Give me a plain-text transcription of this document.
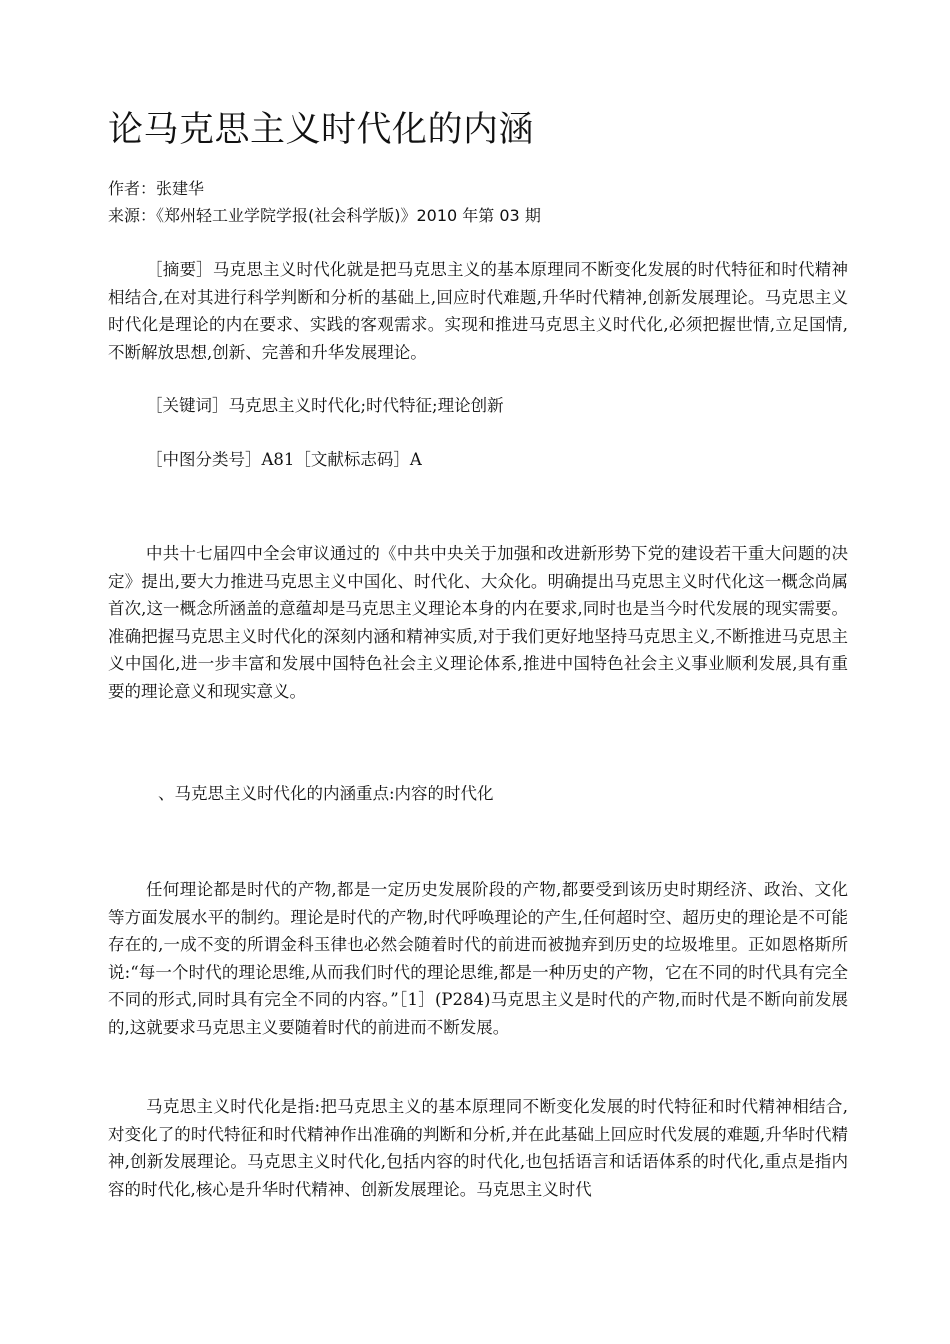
论马克思主义时代化的内涵
作者：张建华
来源：《郑州轻工业学院学报(社会科学版)》2010 年第 03 期

［摘要］马克思主义时代化就是把马克思主义的基本原理同不断变化发展的时代特征和时代精神相结合,在对其进行科学判断和分析的基础上,回应时代难题,升华时代精神,创新发展理论。马克思主义时代化是理论的内在要求、实践的客观需求。实现和推进马克思主义时代化,必须把握世情,立足国情,不断解放思想,创新、完善和升华发展理论。

［关键词］马克思主义时代化;时代特征;理论创新
［中图分类号］A81［文献标志码］A

中共十七届四中全会审议通过的《中共中央关于加强和改进新形势下党的建设若干重大问题的决定》提出,要大力推进马克思主义中国化、时代化、大众化。明确提出马克思主义时代化这一概念尚属首次,这一概念所涵盖的意蕴却是马克思主义理论本身的内在要求,同时也是当今时代发展的现实需要。准确把握马克思主义时代化的深刻内涵和精神实质,对于我们更好地坚持马克思主义,不断推进马克思主义中国化,进一步丰富和发展中国特色社会主义理论体系,推进中国特色社会主义事业顺利发展,具有重要的理论意义和现实意义。

、马克思主义时代化的内涵重点:内容的时代化

任何理论都是时代的产物,都是一定历史发展阶段的产物,都要受到该历史时期经济、政治、文化等方面发展水平的制约。理论是时代的产物,时代呼唤理论的产生,任何超时空、超历史的理论是不可能存在的,一成不变的所谓金科玉律也必然会随着时代的前进而被抛弃到历史的垃圾堆里。正如恩格斯所说:“每一个时代的理论思维,从而我们时代的理论思维,都是一种历史的产物，它在不同的时代具有完全不同的形式,同时具有完全不同的内容。”［1］(P284)马克思主义是时代的产物,而时代是不断向前发展的,这就要求马克思主义要随着时代的前进而不断发展。

马克思主义时代化是指:把马克思主义的基本原理同不断变化发展的时代特征和时代精神相结合,对变化了的时代特征和时代精神作出准确的判断和分析,并在此基础上回应时代发展的难题,升华时代精神,创新发展理论。马克思主义时代化,包括内容的时代化,也包括语言和话语体系的时代化,重点是指内容的时代化,核心是升华时代精神、创新发展理论。马克思主义时代
